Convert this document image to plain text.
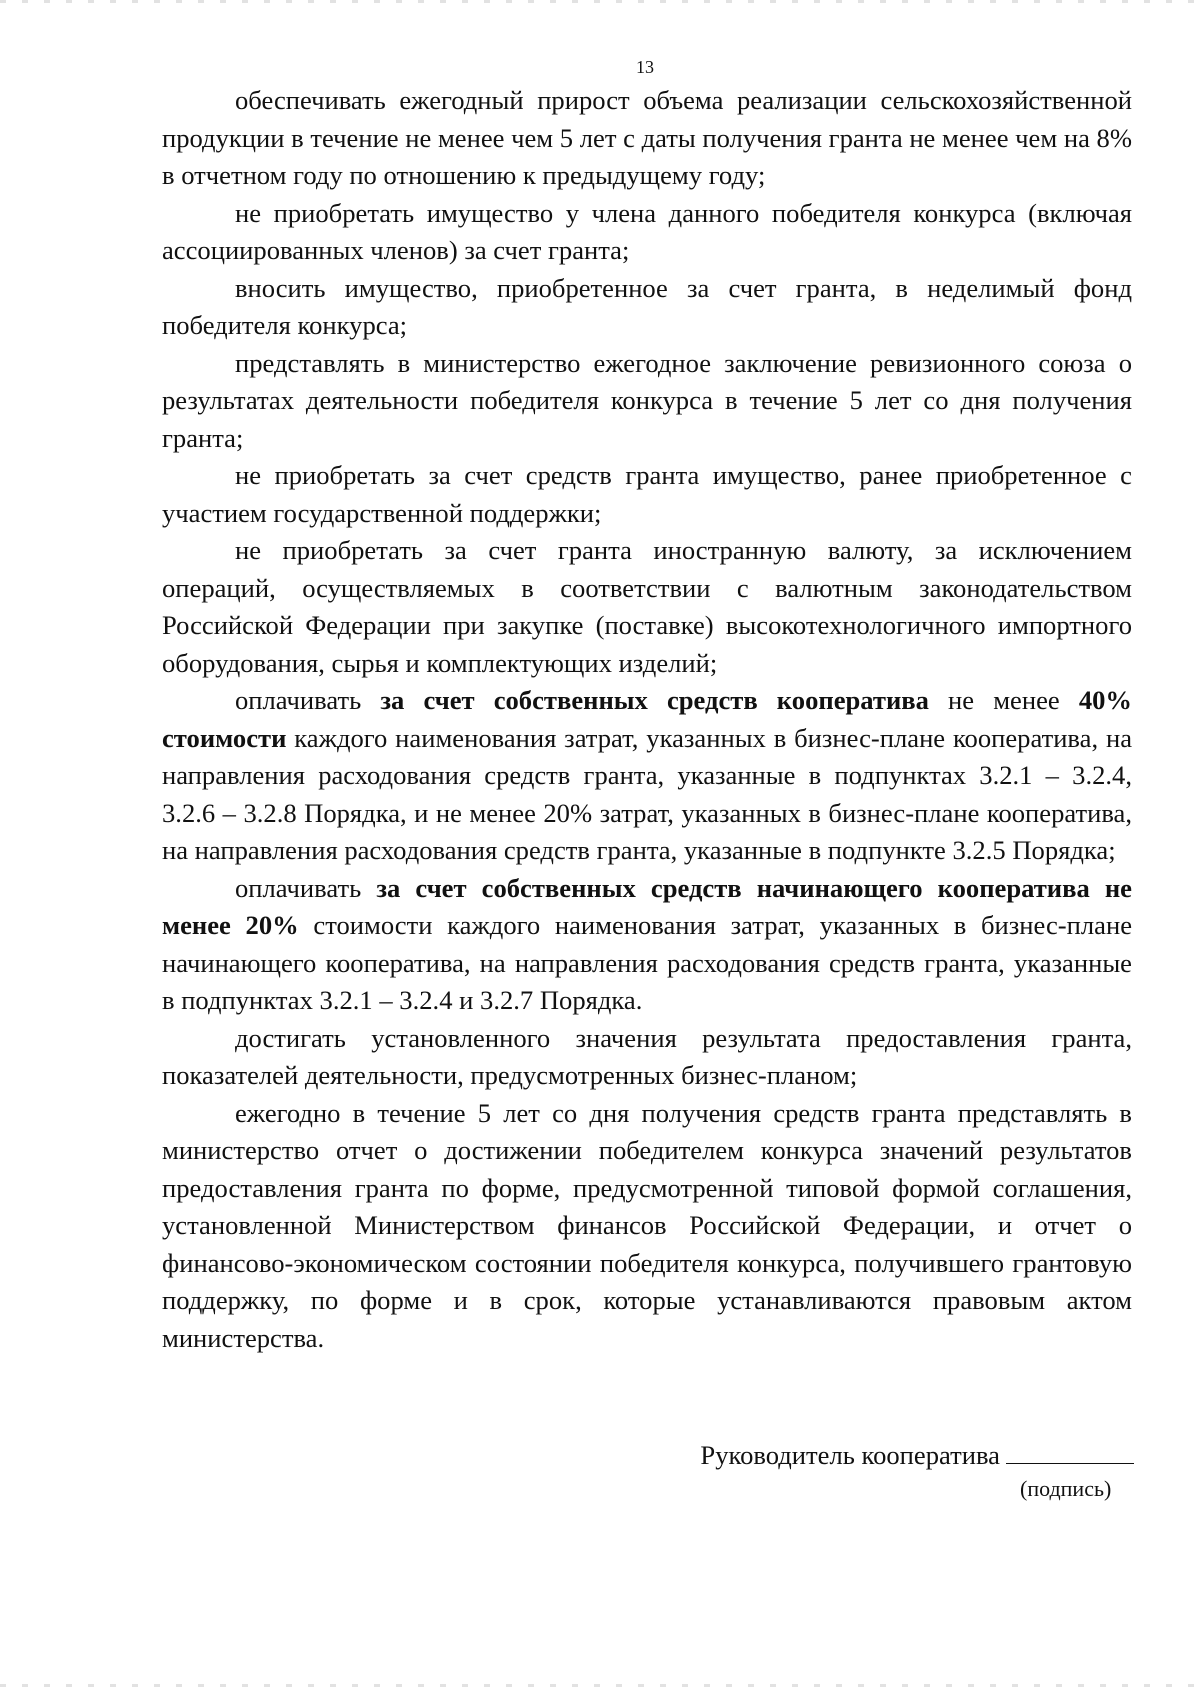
13

обеспечивать ежегодный прирост объема реализации сельскохозяйственной продукции в течение не менее чем 5 лет с даты получения гранта не менее чем на 8% в отчетном году по отношению к предыдущему году;

не приобретать имущество у члена данного победителя конкурса (включая ассоциированных членов) за счет гранта;

вносить имущество, приобретенное за счет гранта, в неделимый фонд победителя конкурса;

представлять в министерство ежегодное заключение ревизионного союза о результатах деятельности победителя конкурса в течение 5 лет со дня получения гранта;

не приобретать за счет средств гранта имущество, ранее приобретенное с участием государственной поддержки;

не приобретать за счет гранта иностранную валюту, за исключением операций, осуществляемых в соответствии с валютным законодательством Российской Федерации при закупке (поставке) высокотехнологичного импортного оборудования, сырья и комплектующих изделий;

оплачивать за счет собственных средств кооператива не менее 40% стоимости каждого наименования затрат, указанных в бизнес-плане кооператива, на направления расходования средств гранта, указанные в подпунктах 3.2.1 – 3.2.4, 3.2.6 – 3.2.8 Порядка, и не менее 20% затрат, указанных в бизнес-плане кооператива, на направления расходования средств гранта, указанные в подпункте 3.2.5 Порядка;

оплачивать за счет собственных средств начинающего кооператива не менее 20% стоимости каждого наименования затрат, указанных в бизнес-плане начинающего кооператива, на направления расходования средств гранта, указанные в подпунктах 3.2.1 – 3.2.4 и 3.2.7 Порядка.

достигать установленного значения результата предоставления гранта, показателей деятельности, предусмотренных бизнес-планом;

ежегодно в течение 5 лет со дня получения средств гранта представлять в министерство отчет о достижении победителем конкурса значений результатов предоставления гранта по форме, предусмотренной типовой формой соглашения, установленной Министерством финансов Российской Федерации, и отчет о финансово-экономическом состоянии победителя конкурса, получившего грантовую поддержку, по форме и в срок, которые устанавливаются правовым актом министерства.

Руководитель кооператива
(подпись)
